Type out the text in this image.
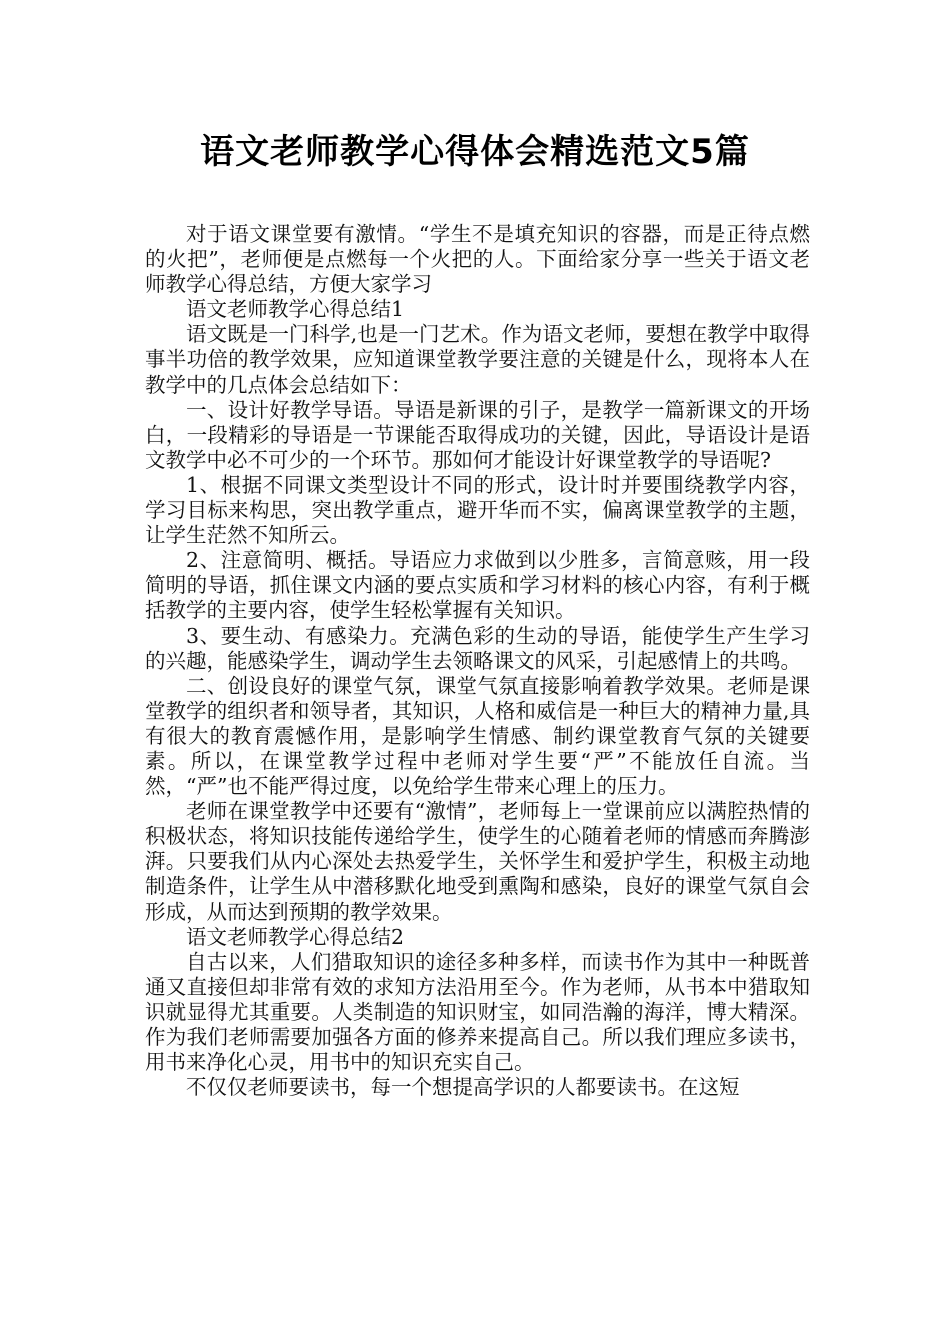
语文老师教学心得体会精选范文5篇

对于语文课堂要有激情。“学生不是填充知识的容器，而是正待点燃的火把”，老师便是点燃每一个火把的人。下面给家分享一些关于语文老师教学心得总结，方便大家学习

语文老师教学心得总结1

语文既是一门科学,也是一门艺术。作为语文老师，要想在教学中取得事半功倍的教学效果，应知道课堂教学要注意的关键是什么，现将本人在教学中的几点体会总结如下：

一、设计好教学导语。导语是新课的引子，是教学一篇新课文的开场白，一段精彩的导语是一节课能否取得成功的关键，因此，导语设计是语文教学中必不可少的一个环节。那如何才能设计好课堂教学的导语呢?

1、根据不同课文类型设计不同的形式，设计时并要围绕教学内容，学习目标来构思，突出教学重点，避开华而不实，偏离课堂教学的主题，让学生茫然不知所云。

2、注意简明、概括。导语应力求做到以少胜多，言简意赅，用一段简明的导语，抓住课文内涵的要点实质和学习材料的核心内容，有利于概括教学的主要内容，使学生轻松掌握有关知识。

3、要生动、有感染力。充满色彩的生动的导语，能使学生产生学习的兴趣，能感染学生，调动学生去领略课文的风采，引起感情上的共鸣。

二、创设良好的课堂气氛，课堂气氛直接影响着教学效果。老师是课堂教学的组织者和领导者，其知识，人格和威信是一种巨大的精神力量,具有很大的教育震憾作用，是影响学生情感、制约课堂教育气氛的关键要素。所以，在课堂教学过程中老师对学生要“严”不能放任自流。当然，“严”也不能严得过度，以免给学生带来心理上的压力。

老师在课堂教学中还要有“激情”，老师每上一堂课前应以满腔热情的积极状态，将知识技能传递给学生，使学生的心随着老师的情感而奔腾澎湃。只要我们从内心深处去热爱学生，关怀学生和爱护学生，积极主动地制造条件，让学生从中潜移默化地受到熏陶和感染，良好的课堂气氛自会形成，从而达到预期的教学效果。

语文老师教学心得总结2

自古以来，人们猎取知识的途径多种多样，而读书作为其中一种既普通又直接但却非常有效的求知方法沿用至今。作为老师，从书本中猎取知识就显得尤其重要。人类制造的知识财宝，如同浩瀚的海洋，博大精深。作为我们老师需要加强各方面的修养来提高自己。所以我们理应多读书，用书来净化心灵，用书中的知识充实自己。

不仅仅老师要读书，每一个想提高学识的人都要读书。在这短
